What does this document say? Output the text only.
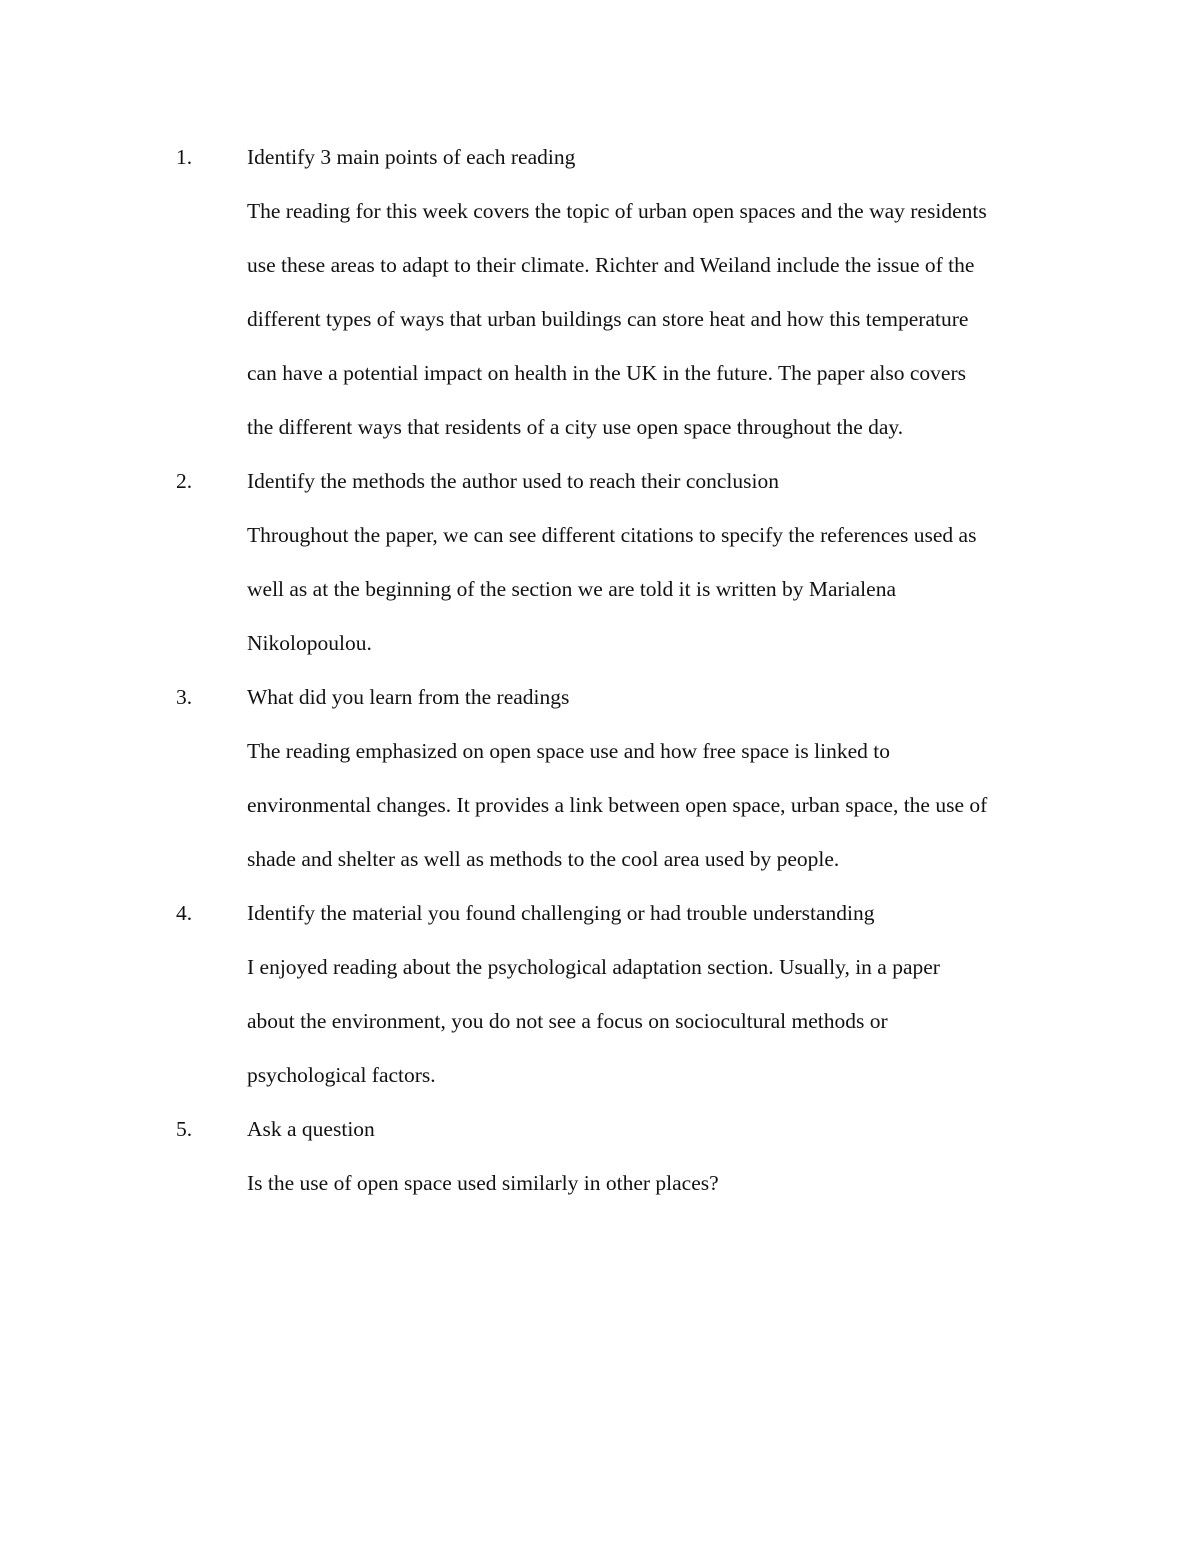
1.	Identify 3 main points of each reading
The reading for this week covers the topic of urban open spaces and the way residents
use these areas to adapt to their climate. Richter and Weiland include the issue of the
different types of ways that urban buildings can store heat and how this temperature
can have a potential impact on health in the UK in the future. The paper also covers
the different ways that residents of a city use open space throughout the day.
2.	Identify the methods the author used to reach their conclusion
Throughout the paper, we can see different citations to specify the references used as
well as at the beginning of the section we are told it is written by Marialena
Nikolopoulou.
3.	What did you learn from the readings
The reading emphasized on open space use and how free space is linked to
environmental changes. It provides a link between open space, urban space, the use of
shade and shelter as well as methods to the cool area used by people.
4.	Identify the material you found challenging or had trouble understanding
I enjoyed reading about the psychological adaptation section. Usually, in a paper
about the environment, you do not see a focus on sociocultural methods or
psychological factors.
5.	Ask a question
Is the use of open space used similarly in other places?
